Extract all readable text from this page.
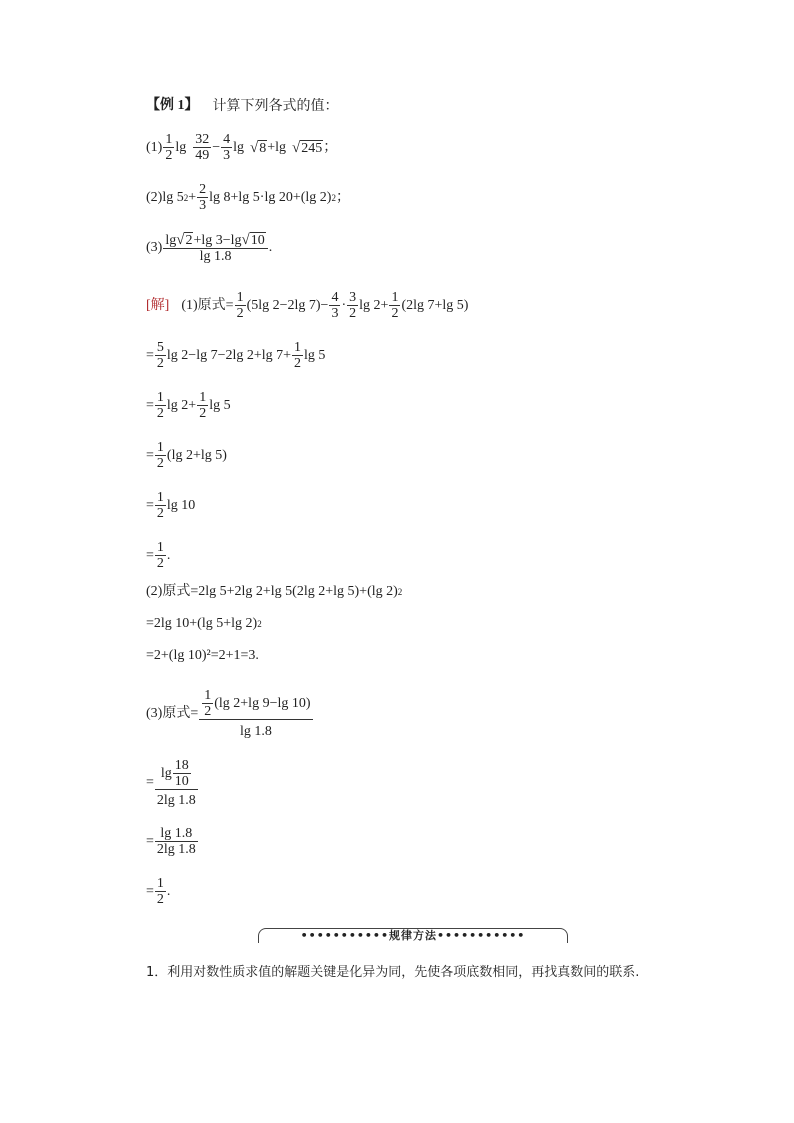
【例 1】 计算下列各式的值：
$(1) \frac{1}{2}$ $\lg \frac{32}{49} - \frac{4}{3}$ lg √ 8 +lg √ 245 ；
(2)lg 5 $2 + \frac{2}{3}$ lg 8+lg 5·lg 20+(lg 2) 2 ；
$(3) \frac{\lg √ 2 +\lg 3-\lg √ 10}{\lg 1.8}$ .
[解] (1)原式= $\frac{1}{2} (5\lg$ 2−2lg $7)- \frac{4}{3} \cdot \frac{3}{2}$ $\lg 2+ \frac{1}{2} (2\lg$ 7+lg 5)
= $\frac{5}{2}$ lg 2−lg 7−2lg 2+lg $7+ \frac{1}{2}$ lg 5
= $\frac{1}{2}$ $\lg 2+ \frac{1}{2}$ lg 5
= $\frac{1}{2} (\lg$ 2+lg 5)
= $\frac{1}{2}$ lg 10
= $\frac{1}{2}$ .
(2)原式=2lg 5+2lg 2+lg 5(2lg 2+lg 5)+(lg 2) 2
=2lg 10+(lg 5+lg 2) 2
=2+(lg 10)²=2+1=3.
(3)原式= $\frac{\frac{1}{2} (\lg 2+\lg 9-\lg 10)}{\lg 1.8}$
= $\frac{\lg \frac{18}{10}}{2\lg 1.8}$
= $\frac{\lg 1.8}{2\lg 1.8}$
= $\frac{1}{2}$ .
•••••••••••规律方法•••••••••••
1．利用对数性质求值的解题关键是化异为同，先使各项底数相同，再找真数间的联系.
